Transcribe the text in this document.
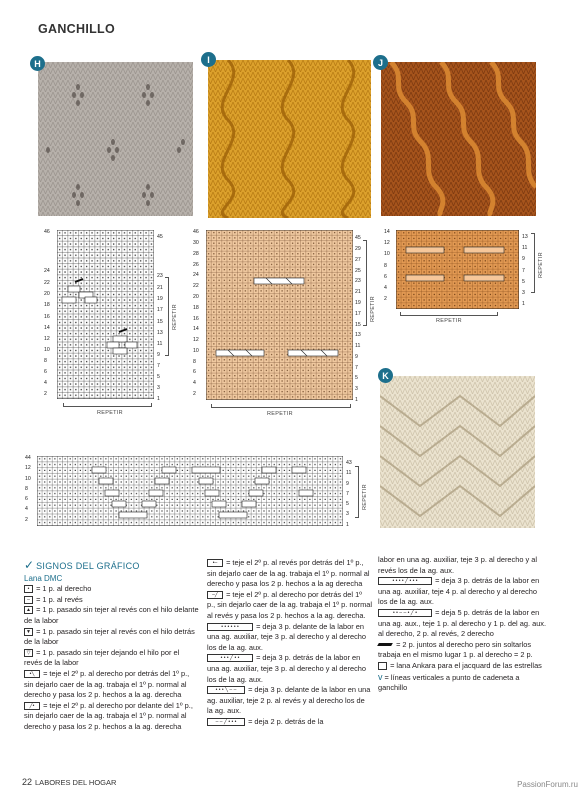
GANCHILLO
H	I	J
K
46
24
22
20
18
16
14
12
10
8
6
4
2
45
23
21
19
17
15
13
11
9
7
5
3
1
REPETIR
REPETIR
46
30
28
26
24
22
20
18
16
14
12
10
8
6
4
2
45
29
27
25
23
21
19
17
15
13
11
9
7
5
3
1
REPETIR
REPETIR
14
12
10
8
6
4
2
13
11
9
7
5
3
1
REPETIR
REPETIR
44
12
10
8
6
4
2
43
11
9
7
5
3
1
REPETIR

✓ SIGNOS DEL GRÁFICO

Lana DMC

• = 1 p. al derecho

– = 1 p. al revés

▲ = 1 p. pasado sin tejer al revés con el hilo delante de la labor

▼ = 1 p. pasado sin tejer al revés con el hilo detrás de la labor

▽ = 1 p. pasado sin tejer dejando el hilo por el revés de la labor

•╲ = teje el 2º p. al derecho por detrás del 1º p., sin dejarlo caer de la ag. trabaja el 1º p. normal al derecho y pasa los 2 p. hechos a la ag. derecha

╱• = teje el 2º p. al derecho por delante del 1º p., sin dejarlo caer de la ag. trabaja el 1º p. normal al derecho y pasa los 2 p. hechos a la ag. derecha

•– = teje el 2º p. al revés por detrás del 1º p., sin dejarlo caer de la ag. trabaja el 1º p. normal al derecho y pasa los 2 p. hechos a la ag derecha

–╱ = teje el 2º p. al derecho por detrás del 1º p., sin dejarlo caer de la ag. trabaja el 1º p. normal al revés y pasa los 2 p. hechos a la ag. derecha.

• • • • • • = deja 3 p. delante de la labor en una ag. auxiliar, teje 3 p. al derecho y al derecho los de la ag. aux.

• • • ╱ • • = deja 3 p. detrás de la labor en una ag. auxiliar, teje 3 p. al derecho y al derecho los de la ag. aux.

• • • ╲ – – = deja 3 p. delante de la labor en una ag. auxiliar, teje 2 p. al revés y al derecho los de la ag. aux.

– – ╱ • • • = deja 2 p. detrás de la

labor en una ag. auxiliar, teje 3 p. al derecho y al revés los de la ag. aux.

• • • • ╱ • • • = deja 3 p. detrás de la labor en una ag. auxiliar, teje 4 p. al derecho y al derecho los de la ag. aux.

• • – – • ╱ • = deja 5 p. detrás de la labor en una ag. aux., teje 1 p. al derecho y 1 p. del ag. aux. al derecho, 2 p. al revés, 2 derecho

= 2 p. juntos al derecho pero sin soltarlos trabaja en el mismo lugar 1 p. al derecho = 2 p.

= lana Ankara para el jacquard de las estrellas

v = líneas verticales a punto de cadeneta a ganchillo

22 LABORES DEL HOGAR	PassionForum.ru
